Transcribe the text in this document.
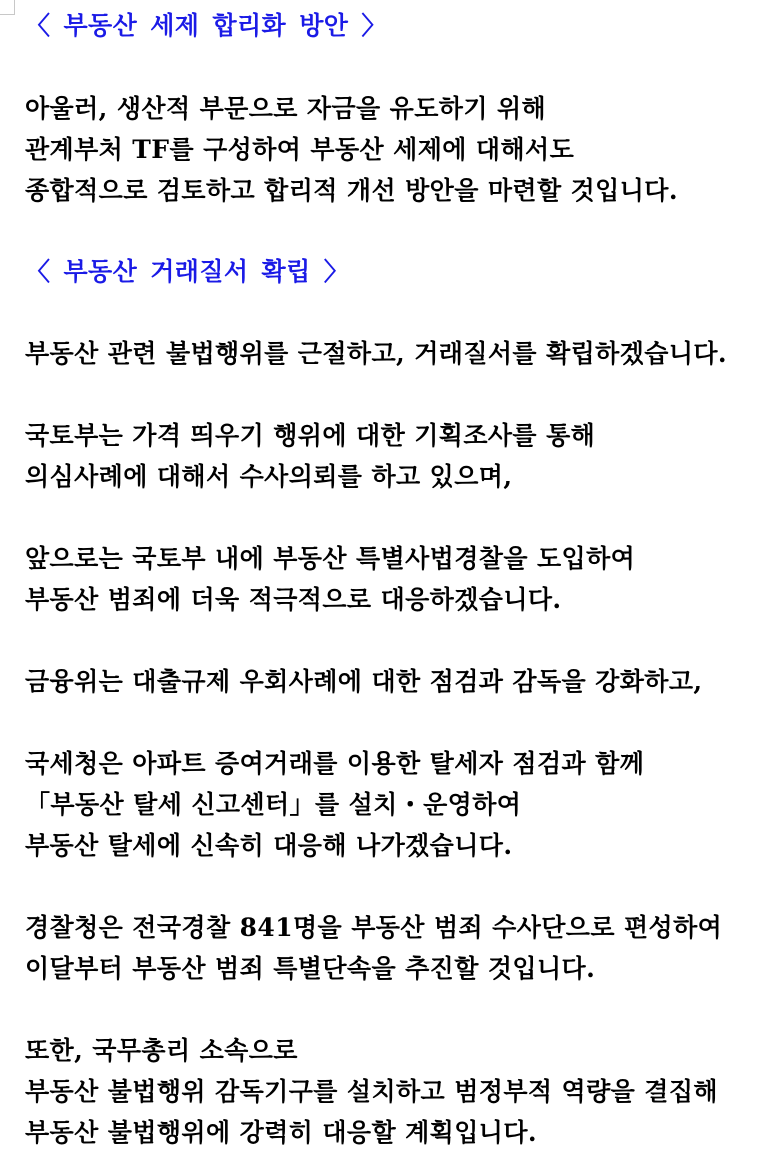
〈 부동산 세제 합리화 방안 〉
아울러, 생산적 부문으로 자금을 유도하기 위해
관계부처 TF를 구성하여 부동산 세제에 대해서도
종합적으로 검토하고 합리적 개선 방안을 마련할 것입니다.
〈 부동산 거래질서 확립 〉
부동산 관련 불법행위를 근절하고, 거래질서를 확립하겠습니다.
국토부는 가격 띄우기 행위에 대한 기획조사를 통해
의심사례에 대해서 수사의뢰를 하고 있으며,
앞으로는 국토부 내에 부동산 특별사법경찰을 도입하여
부동산 범죄에 더욱 적극적으로 대응하겠습니다.
금융위는 대출규제 우회사례에 대한 점검과 감독을 강화하고,
국세청은 아파트 증여거래를 이용한 탈세자 점검과 함께
「부동산 탈세 신고센터」를 설치・운영하여
부동산 탈세에 신속히 대응해 나가겠습니다.
경찰청은 전국경찰 841명을 부동산 범죄 수사단으로 편성하여
이달부터 부동산 범죄 특별단속을 추진할 것입니다.
또한, 국무총리 소속으로
부동산 불법행위 감독기구를 설치하고 범정부적 역량을 결집해
부동산 불법행위에 강력히 대응할 계획입니다.
